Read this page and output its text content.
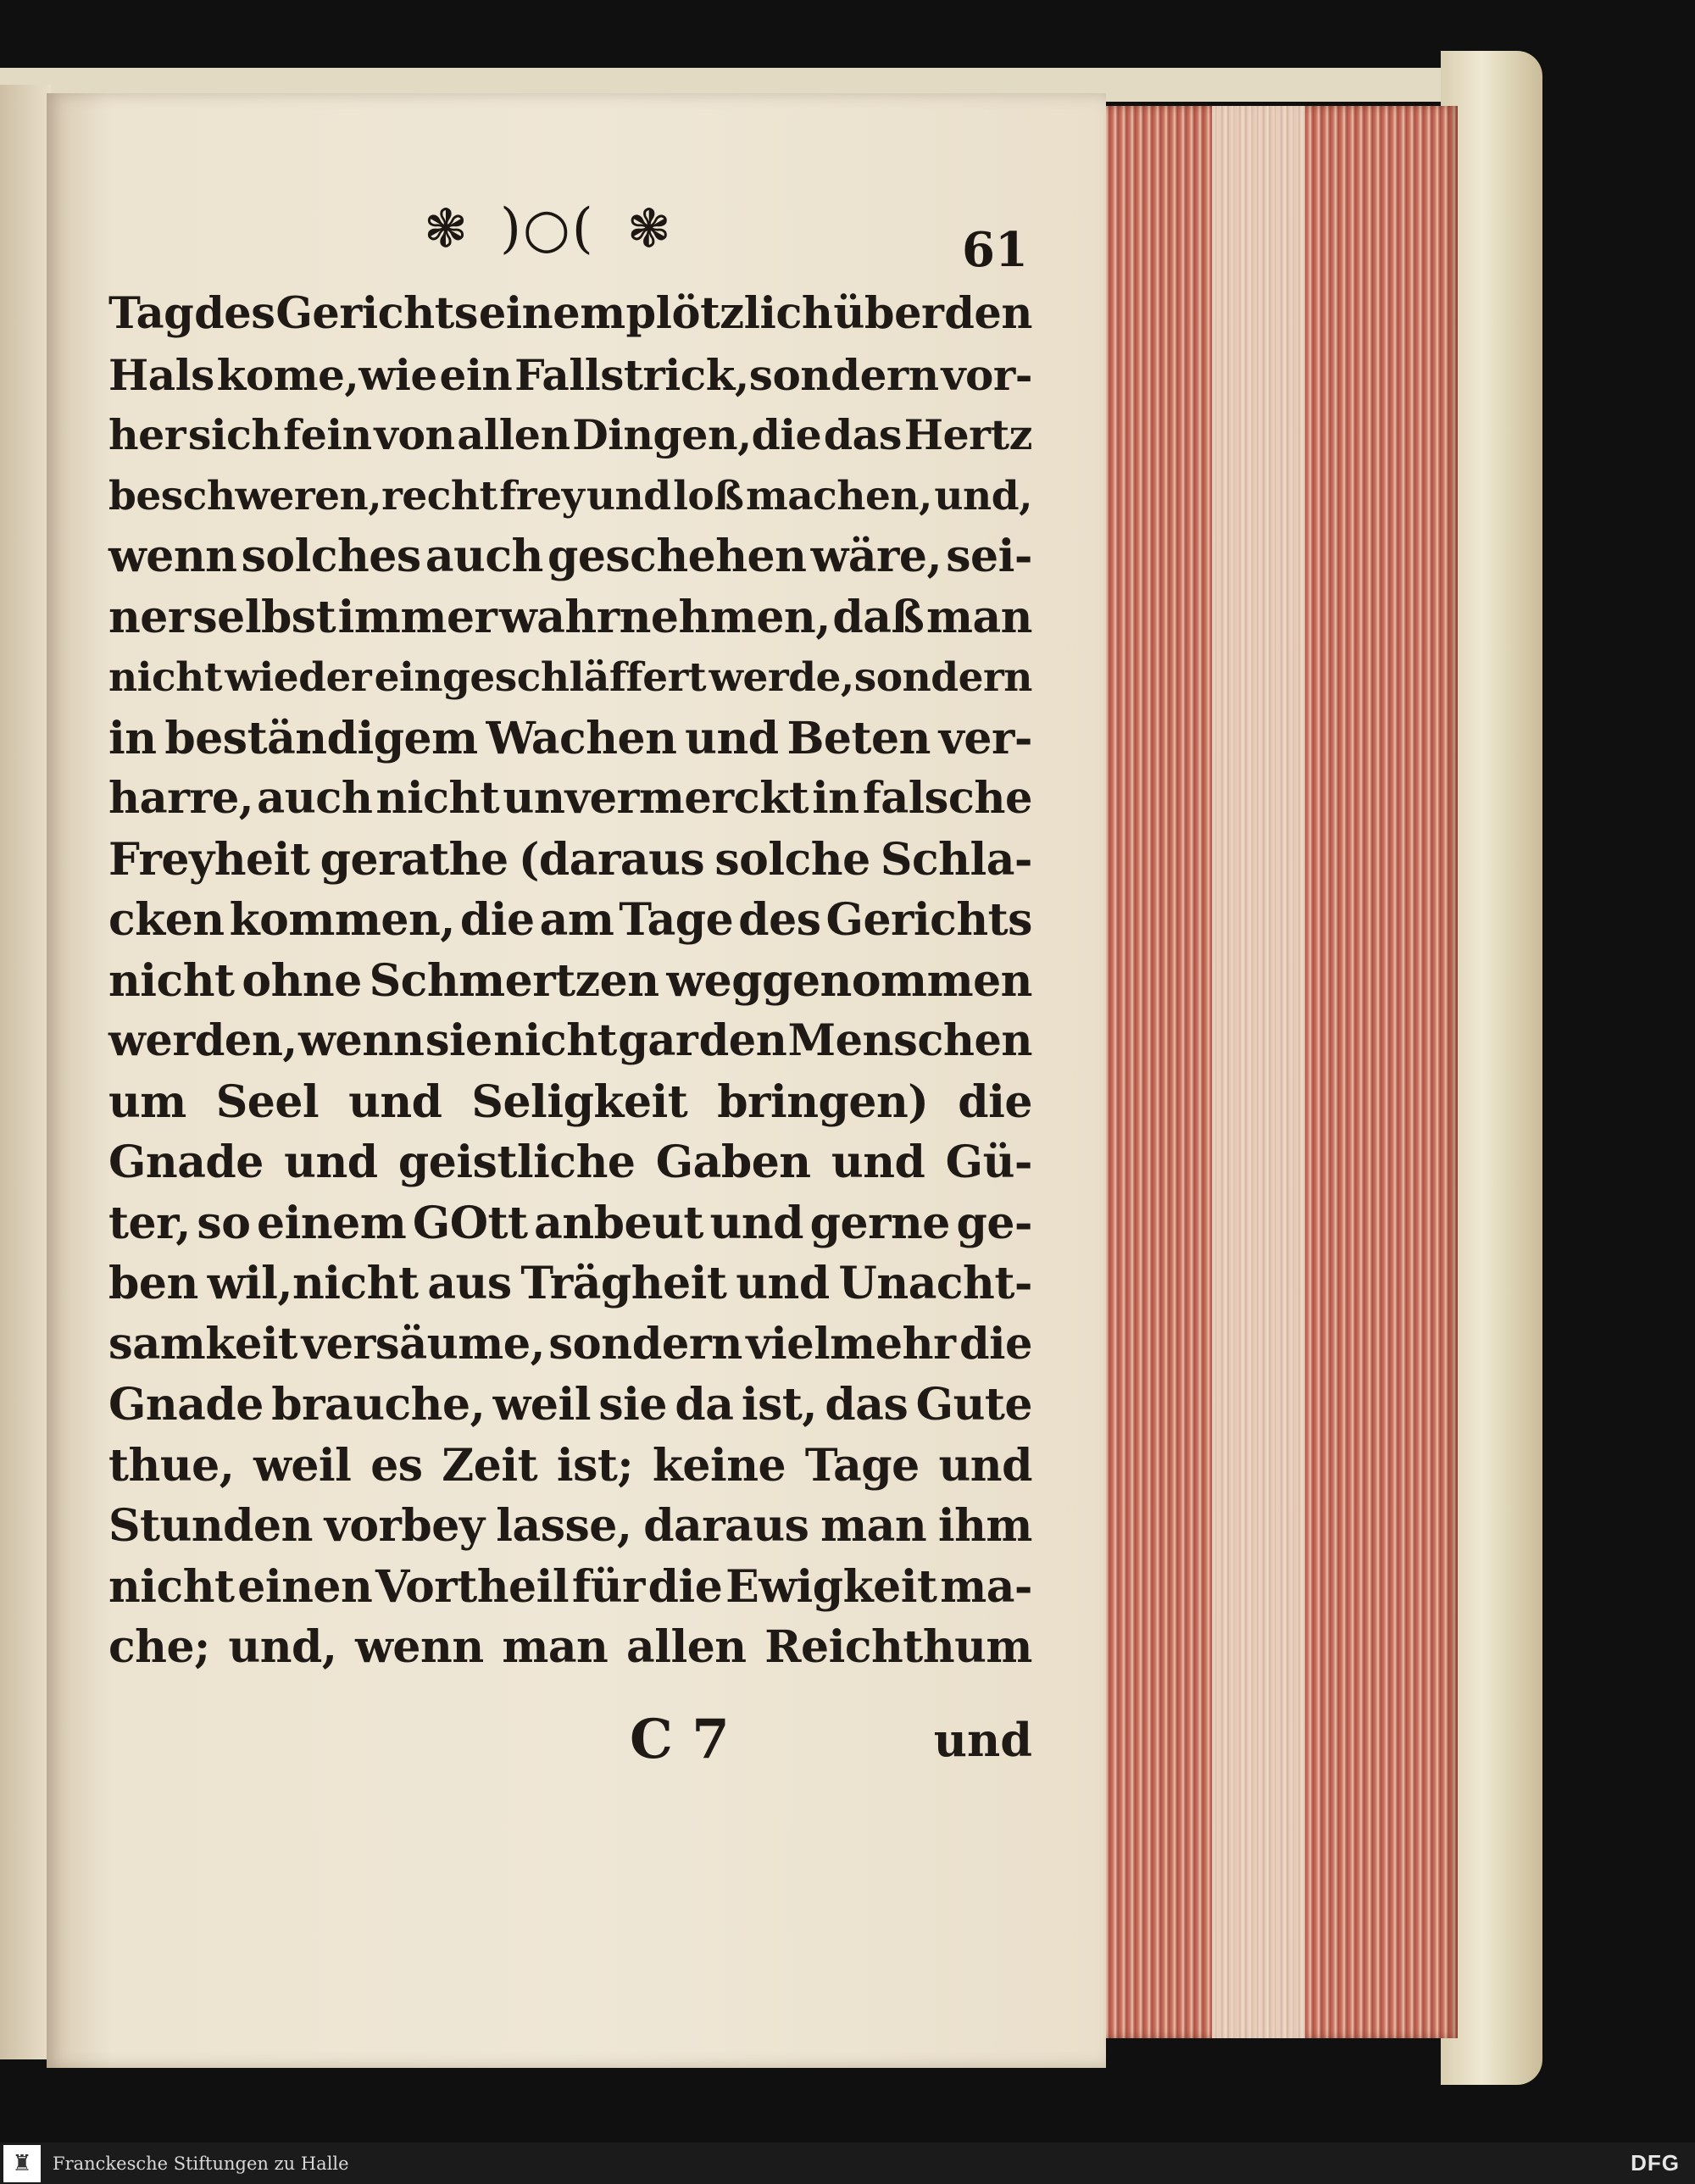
❃ )○( ❃	61
Tag des Gerichts einem plötzlich über den
Hals kome,wie ein Fallstrick,sondern vor-
her sich fein von allen Dingen,die das Hertz
beschweren,recht frey und loß machen, und,
wenn solches auch geschehen wäre, sei-
ner selbst immer wahrnehmen, daß man
nicht wieder eingeschläffert werde,sondern
in beständigem Wachen und Beten ver-
harre, auch nicht unvermerckt in falsche
Freyheit gerathe (daraus solche Schla-
cken kommen, die am Tage des Gerichts
nicht ohne Schmertzen weggenommen
werden, wenn sie nicht gar den Menschen
um Seel und Seligkeit bringen) die
Gnade und geistliche Gaben und Gü-
ter, so einem GOtt anbeut und gerne ge-
ben wil,nicht aus Trägheit und Unacht-
samkeit versäume, sondern vielmehr die
Gnade brauche, weil sie da ist, das Gute
thue, weil es Zeit ist; keine Tage und
Stunden vorbey lasse, daraus man ihm
nicht einen Vortheil für die Ewigkeit ma-
che; und, wenn man allen Reichthum
C 7	und
♜	Franckesche Stiftungen zu Halle	DFG
